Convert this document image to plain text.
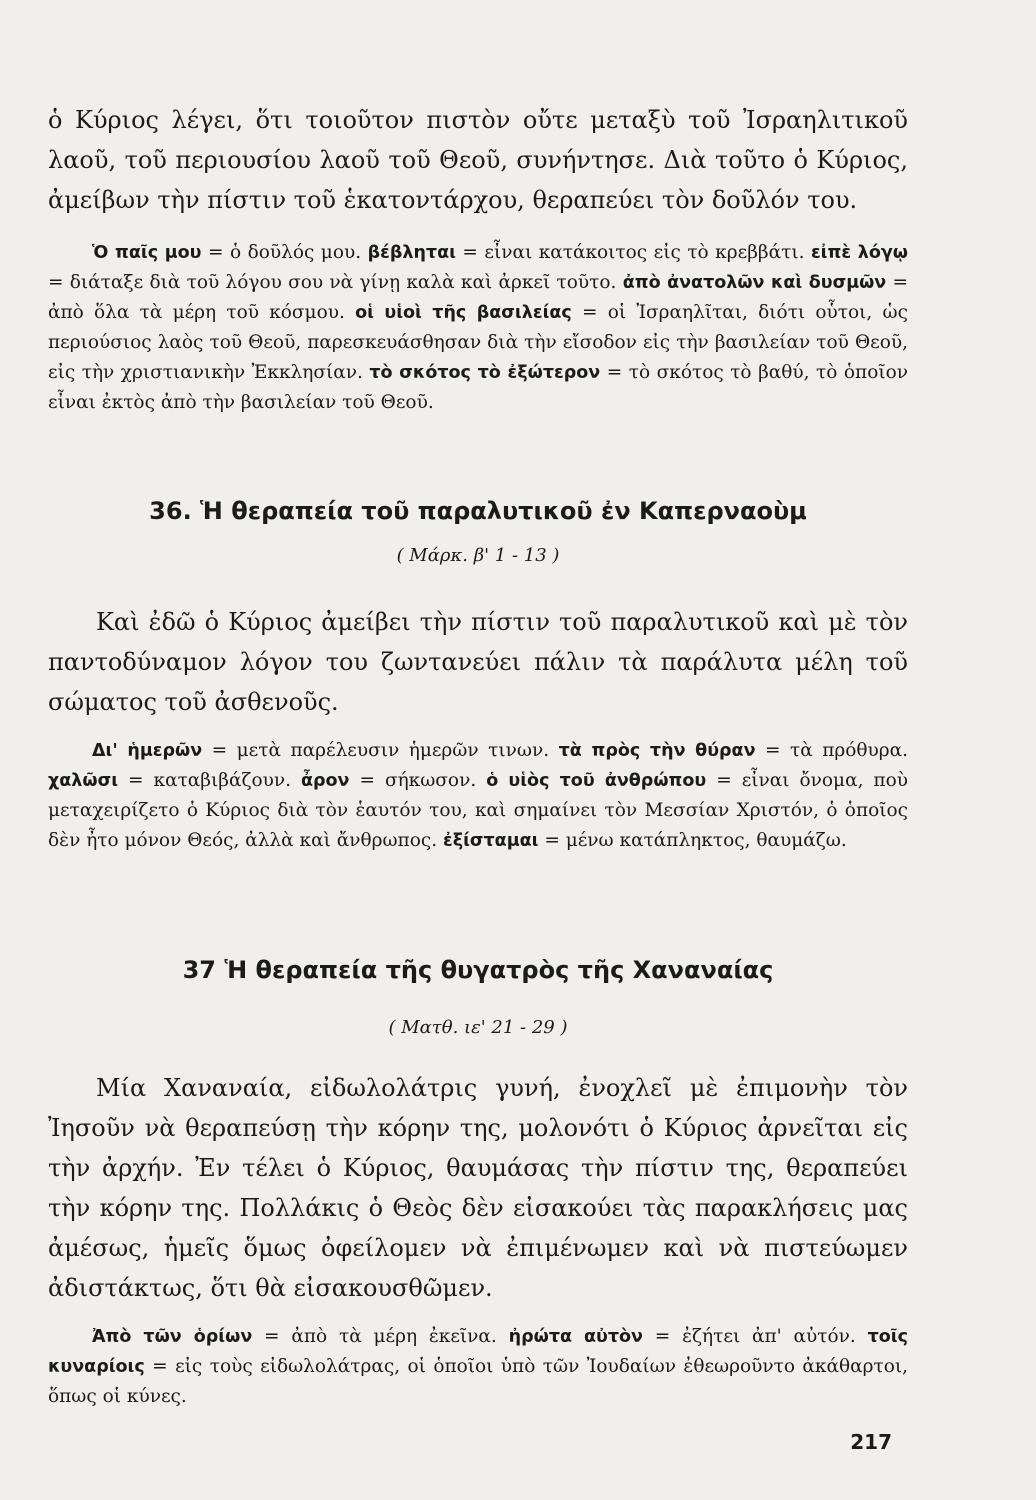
ὁ Κύριος λέγει, ὅτι τοιοῦτον πιστὸν οὔτε μεταξὺ τοῦ Ἰσραηλιτικοῦ λαοῦ, τοῦ περιουσίου λαοῦ τοῦ Θεοῦ, συνήντησε. Διὰ τοῦτο ὁ Κύριος, ἀμείβων τὴν πίστιν τοῦ ἑκατοντάρχου, θεραπεύει τὸν δοῦλόν του.

Ὁ παῖς μου = ὁ δοῦλός μου. βέβληται = εἶναι κατάκοιτος εἰς τὸ κρεββάτι. εἰπὲ λόγῳ = διάταξε διὰ τοῦ λόγου σου νὰ γίνῃ καλὰ καὶ ἀρκεῖ τοῦτο. ἀπὸ ἀνατολῶν καὶ δυσμῶν = ἀπὸ ὅλα τὰ μέρη τοῦ κόσμου. οἱ υἱοὶ τῆς βασιλείας = οἱ Ἰσραηλῖται, διότι οὗτοι, ὡς περιούσιος λαὸς τοῦ Θεοῦ, παρεσκευάσθησαν διὰ τὴν εἴσοδον εἰς τὴν βασιλείαν τοῦ Θεοῦ, εἰς τὴν χριστιανικὴν Ἐκκλησίαν. τὸ σκότος τὸ ἐξώτερον = τὸ σκότος τὸ βαθύ, τὸ ὁποῖον εἶναι ἐκτὸς ἀπὸ τὴν βασιλείαν τοῦ Θεοῦ.

36. Ἡ θεραπεία τοῦ παραλυτικοῦ ἐν Καπερναοὺμ
( Μάρκ. β' 1 - 13 )

Καὶ ἐδῶ ὁ Κύριος ἀμείβει τὴν πίστιν τοῦ παραλυτικοῦ καὶ μὲ τὸν παντοδύναμον λόγον του ζωντανεύει πάλιν τὰ παράλυτα μέλη τοῦ σώματος τοῦ ἀσθενοῦς.

Δι' ἡμερῶν = μετὰ παρέλευσιν ἡμερῶν τινων. τὰ πρὸς τὴν θύραν = τὰ πρόθυρα. χαλῶσι = καταβιβάζουν. ἆρον = σήκωσον. ὁ υἱὸς τοῦ ἀνθρώπου = εἶναι ὄνομα, ποὺ μεταχειρίζετο ὁ Κύριος διὰ τὸν ἑαυτόν του, καὶ σημαίνει τὸν Μεσσίαν Χριστόν, ὁ ὁποῖος δὲν ἦτο μόνον Θεός, ἀλλὰ καὶ ἄνθρωπος. ἐξίσταμαι = μένω κατάπληκτος, θαυμάζω.

37 Ἡ θεραπεία τῆς θυγατρὸς τῆς Χαναναίας
( Ματθ. ιε' 21 - 29 )

Μία Χαναναία, εἰδωλολάτρις γυνή, ἐνοχλεῖ μὲ ἐπιμονὴν τὸν Ἰησοῦν νὰ θεραπεύσῃ τὴν κόρην της, μολονότι ὁ Κύριος ἀρνεῖται εἰς τὴν ἀρχήν. Ἐν τέλει ὁ Κύριος, θαυμάσας τὴν πίστιν της, θεραπεύει τὴν κόρην της. Πολλάκις ὁ Θεὸς δὲν εἰσακούει τὰς παρακλήσεις μας ἀμέσως, ἡμεῖς ὅμως ὀφείλομεν νὰ ἐπιμένωμεν καὶ νὰ πιστεύωμεν ἀδιστάκτως, ὅτι θὰ εἰσακουσθῶμεν.

Ἀπὸ τῶν ὁρίων = ἀπὸ τὰ μέρη ἐκεῖνα. ἠρώτα αὐτὸν = ἐζήτει ἀπ' αὐτόν. τοῖς κυναρίοις = εἰς τοὺς εἰδωλολάτρας, οἱ ὁποῖοι ὑπὸ τῶν Ἰουδαίων ἐθεωροῦντο ἀκάθαρτοι, ὅπως οἱ κύνες.

217
